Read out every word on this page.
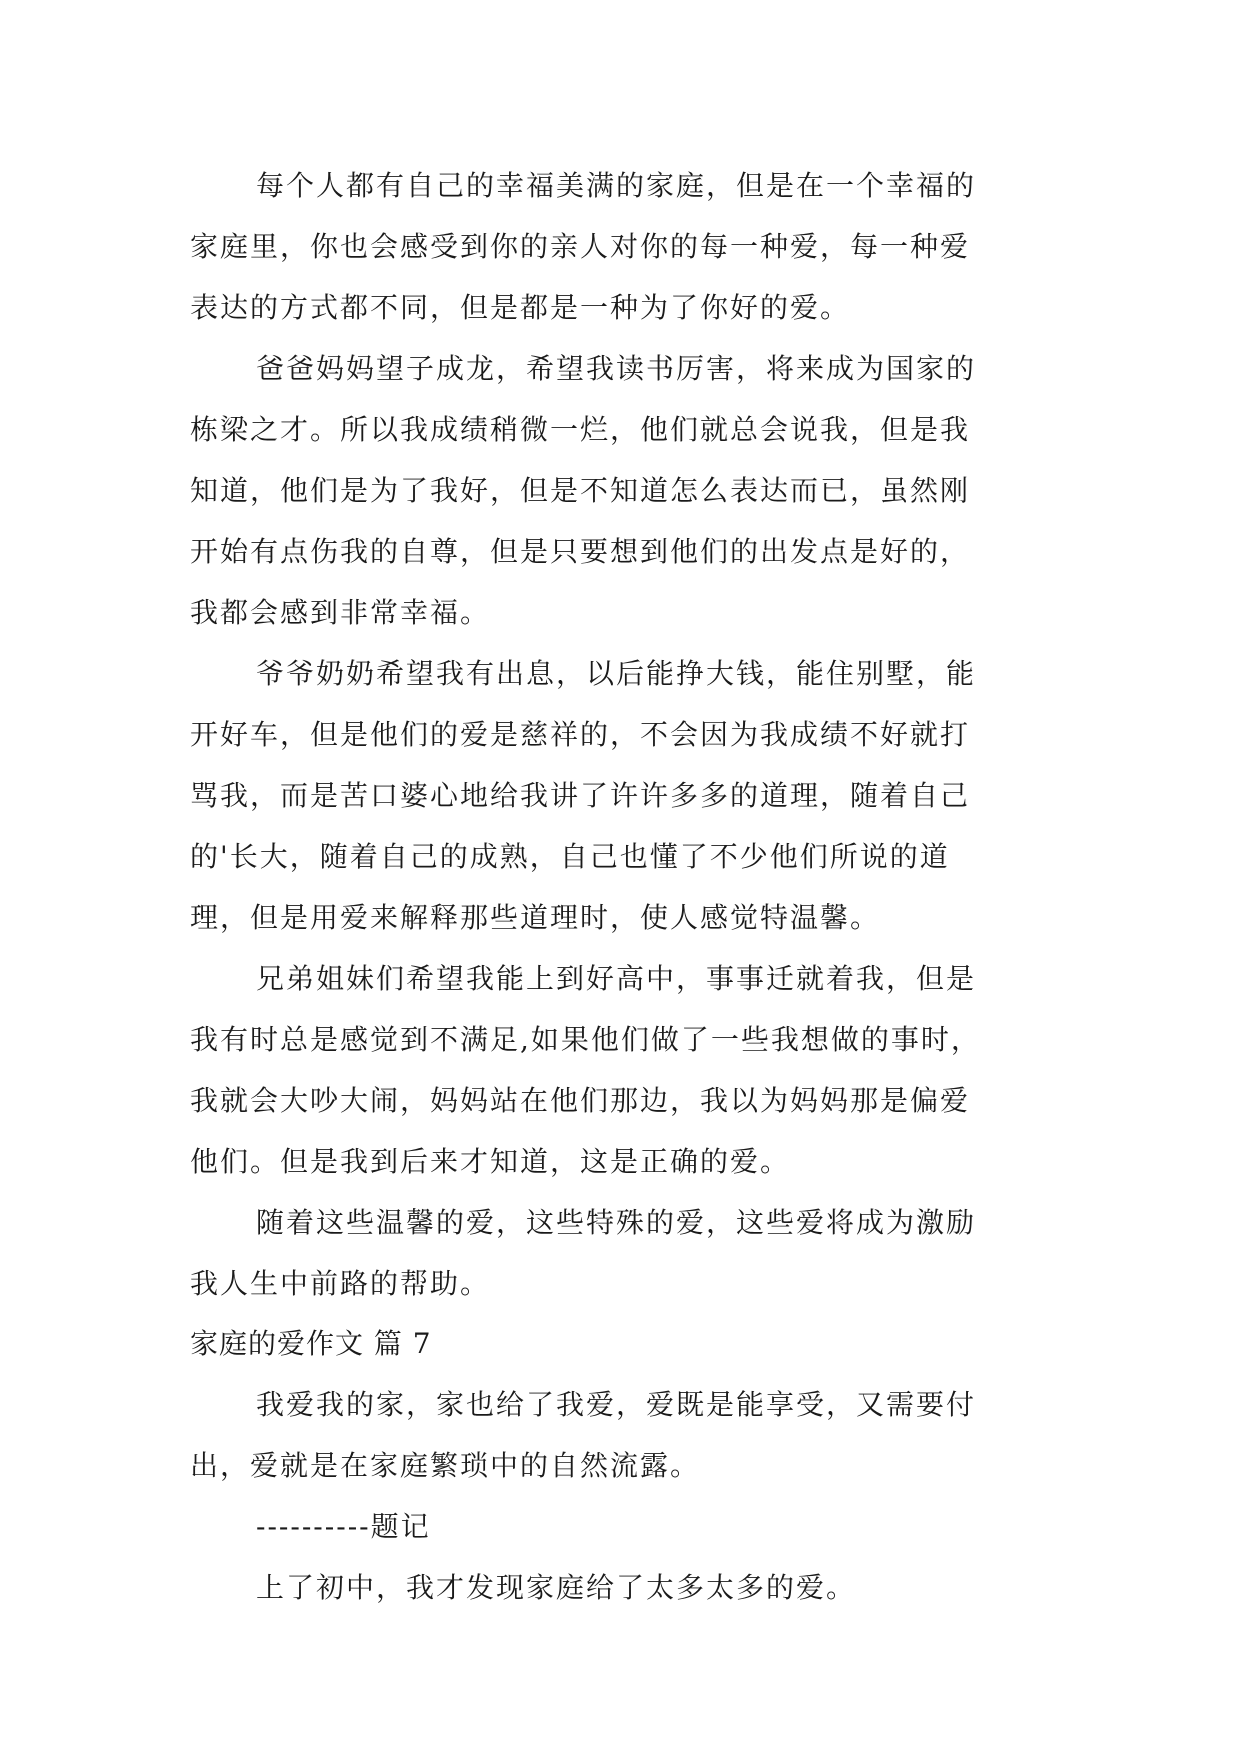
每个人都有自己的幸福美满的家庭，但是在一个幸福的
家庭里，你也会感受到你的亲人对你的每一种爱，每一种爱
表达的方式都不同，但是都是一种为了你好的爱。
爸爸妈妈望子成龙，希望我读书厉害，将来成为国家的
栋梁之才。所以我成绩稍微一烂，他们就总会说我，但是我
知道，他们是为了我好，但是不知道怎么表达而已，虽然刚
开始有点伤我的自尊，但是只要想到他们的出发点是好的，
我都会感到非常幸福。
爷爷奶奶希望我有出息，以后能挣大钱，能住别墅，能
开好车，但是他们的爱是慈祥的，不会因为我成绩不好就打
骂我，而是苦口婆心地给我讲了许许多多的道理，随着自己
的'长大，随着自己的成熟，自己也懂了不少他们所说的道
理，但是用爱来解释那些道理时，使人感觉特温馨。
兄弟姐妹们希望我能上到好高中，事事迁就着我，但是
我有时总是感觉到不满足,如果他们做了一些我想做的事时，
我就会大吵大闹，妈妈站在他们那边，我以为妈妈那是偏爱
他们。但是我到后来才知道，这是正确的爱。
随着这些温馨的爱，这些特殊的爱，这些爱将成为激励
我人生中前路的帮助。
家庭的爱作文 篇 7
我爱我的家，家也给了我爱，爱既是能享受，又需要付
出，爱就是在家庭繁琐中的自然流露。
----------题记
上了初中，我才发现家庭给了太多太多的爱。
